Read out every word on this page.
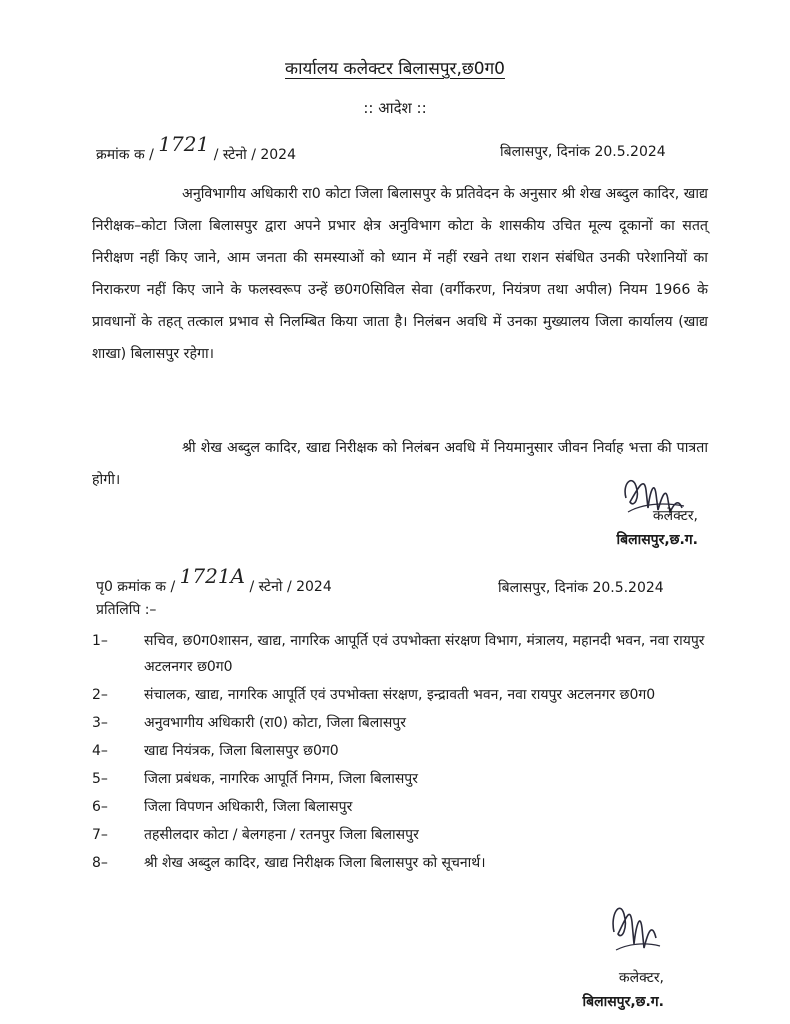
कार्यालय कलेक्टर बिलासपुर,छ0ग0
:: आदेश ::
क्रमांक क / 1721 / स्टेनो / 2024	बिलासपुर, दिनांक 20.5.2024
अनुविभागीय अधिकारी रा0 कोटा जिला बिलासपुर के प्रतिवेदन के अनुसार श्री शेख अब्दुल कादिर, खाद्य निरीक्षक–कोटा जिला बिलासपुर द्वारा अपने प्रभार क्षेत्र अनुविभाग कोटा के शासकीय उचित मूल्य दूकानों का सतत् निरीक्षण नहीं किए जाने, आम जनता की समस्याओं को ध्यान में नहीं रखने तथा राशन संबंधित उनकी परेशानियों का निराकरण नहीं किए जाने के फलस्वरूप उन्हें छ0ग0सिविल सेवा (वर्गीकरण, नियंत्रण तथा अपील) नियम 1966 के प्रावधानों के तहत् तत्काल प्रभाव से निलम्बित किया जाता है। निलंबन अवधि में उनका मुख्यालय जिला कार्यालय (खाद्य शाखा) बिलासपुर रहेगा।
श्री शेख अब्दुल कादिर, खाद्य निरीक्षक को निलंबन अवधि में नियमानुसार जीवन निर्वाह भत्ता की पात्रता होगी।
कलेक्टर,
बिलासपुर,छ.ग.
पृ0 क्रमांक क / 1721A / स्टेनो / 2024	बिलासपुर, दिनांक 20.5.2024
प्रतिलिपि :–
1–	सचिव, छ0ग0शासन, खाद्य, नागरिक आपूर्ति एवं उपभोक्ता संरक्षण विभाग, मंत्रालय, महानदी भवन, नवा रायपुर अटलनगर छ0ग0
2–	संचालक, खाद्य, नागरिक आपूर्ति एवं उपभोक्ता संरक्षण, इन्द्रावती भवन, नवा रायपुर अटलनगर छ0ग0
3–	अनुवभागीय अधिकारी (रा0) कोटा, जिला बिलासपुर
4–	खाद्य नियंत्रक, जिला बिलासपुर छ0ग0
5–	जिला प्रबंधक, नागरिक आपूर्ति निगम, जिला बिलासपुर
6–	जिला विपणन अधिकारी, जिला बिलासपुर
7–	तहसीलदार कोटा / बेलगहना / रतनपुर जिला बिलासपुर
8–	श्री शेख अब्दुल कादिर, खाद्य निरीक्षक जिला बिलासपुर को सूचनार्थ।
कलेक्टर,
बिलासपुर,छ.ग.
